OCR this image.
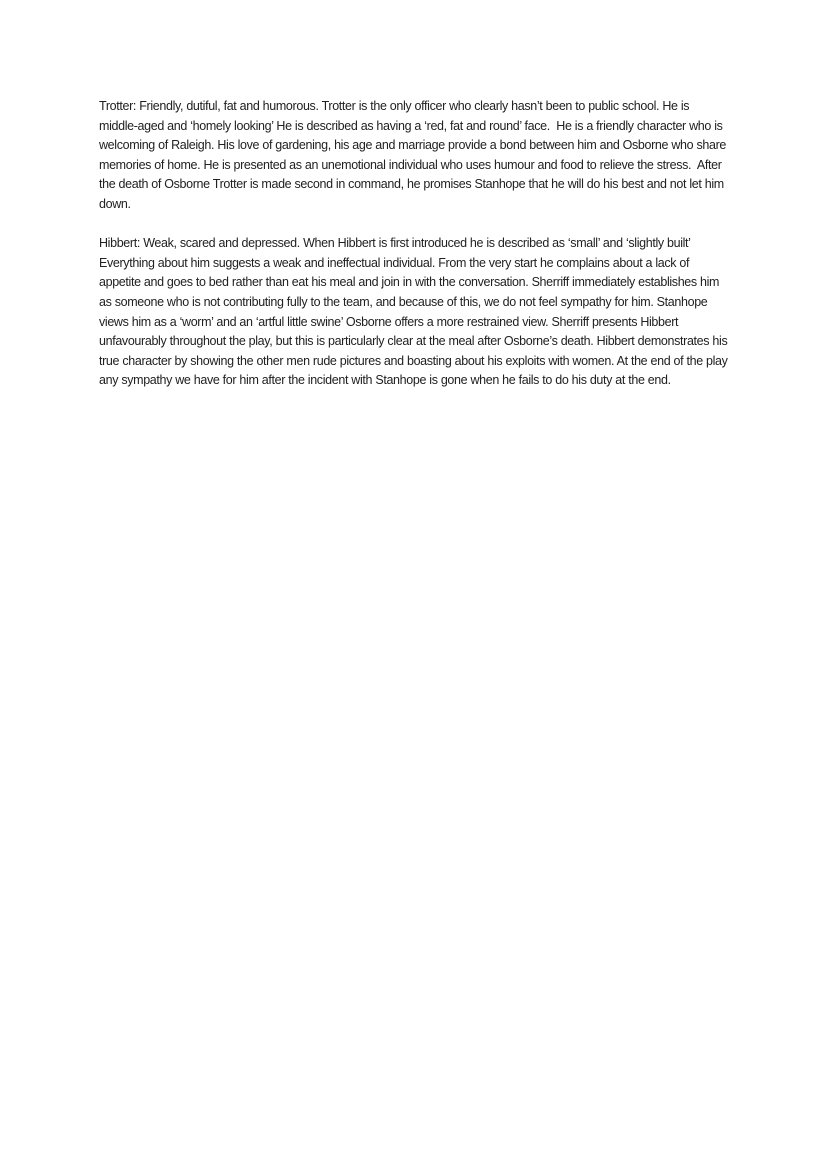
Trotter: Friendly, dutiful, fat and humorous. Trotter is the only officer who clearly hasn’t been to public school. He is middle-aged and ‘homely looking’ He is described as having a ‘red, fat and round’ face.  He is a friendly character who is welcoming of Raleigh. His love of gardening, his age and marriage provide a bond between him and Osborne who share memories of home. He is presented as an unemotional individual who uses humour and food to relieve the stress.  After the death of Osborne Trotter is made second in command, he promises Stanhope that he will do his best and not let him down.

Hibbert: Weak, scared and depressed. When Hibbert is first introduced he is described as ‘small’ and ‘slightly built’ Everything about him suggests a weak and ineffectual individual. From the very start he complains about a lack of appetite and goes to bed rather than eat his meal and join in with the conversation. Sherriff immediately establishes him as someone who is not contributing fully to the team, and because of this, we do not feel sympathy for him. Stanhope views him as a ‘worm’ and an ‘artful little swine’ Osborne offers a more restrained view. Sherriff presents Hibbert unfavourably throughout the play, but this is particularly clear at the meal after Osborne’s death. Hibbert demonstrates his true character by showing the other men rude pictures and boasting about his exploits with women. At the end of the play any sympathy we have for him after the incident with Stanhope is gone when he fails to do his duty at the end.
